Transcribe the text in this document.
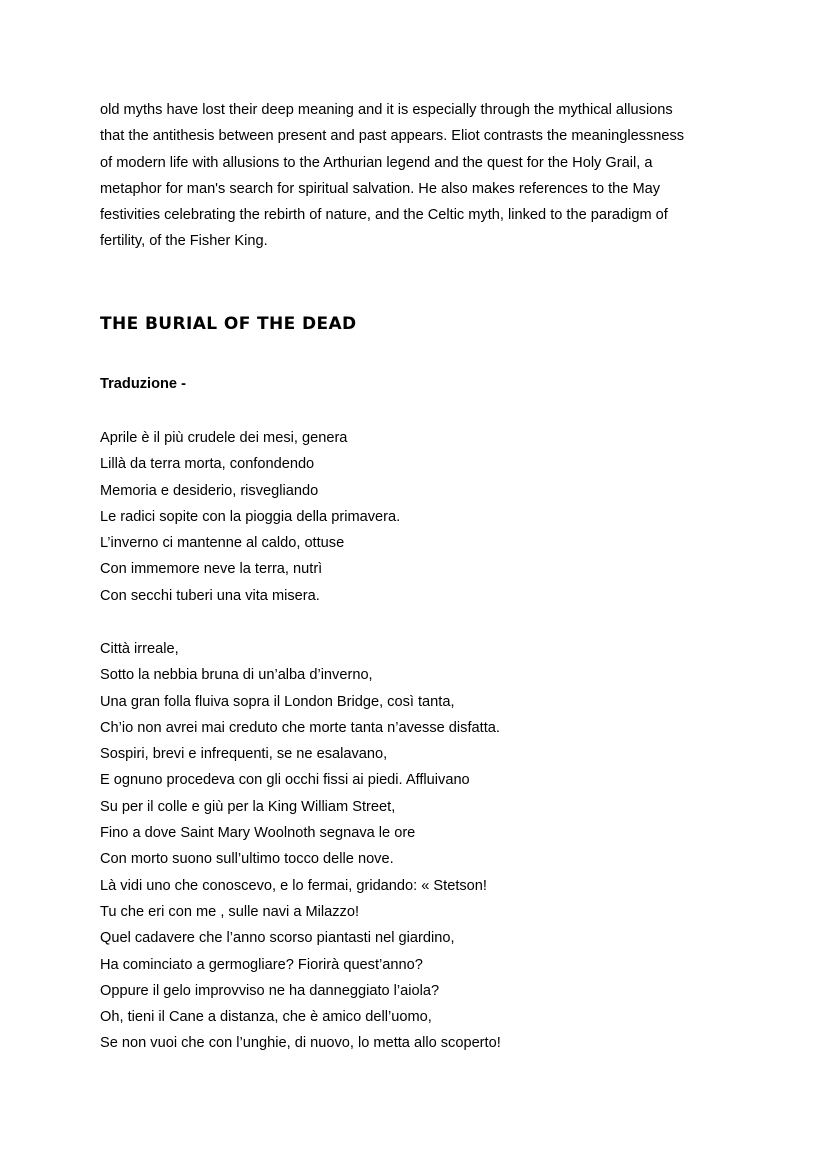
old myths have lost their deep meaning and it is especially through the mythical allusions
that the antithesis between present and past appears. Eliot contrasts the meaninglessness
of modern life with allusions to the Arthurian legend and the quest for the Holy Grail, a
metaphor for man's search for spiritual salvation. He also makes references to the May
festivities celebrating the rebirth of nature, and the Celtic myth, linked to the paradigm of
fertility, of the Fisher King.

THE BURIAL OF THE DEAD
Traduzione -
Aprile è il più crudele dei mesi, genera
Lillà da terra morta, confondendo
Memoria e desiderio, risvegliando
Le radici sopite con la pioggia della primavera.
L’inverno ci mantenne al caldo, ottuse
Con immemore neve la terra, nutrì
Con secchi tuberi una vita misera.
Città irreale,
Sotto la nebbia bruna di un’alba d’inverno,
Una gran folla fluiva sopra il London Bridge, così tanta,
Ch’io non avrei mai creduto che morte tanta n’avesse disfatta.
Sospiri, brevi e infrequenti, se ne esalavano,
E ognuno procedeva con gli occhi fissi ai piedi. Affluivano
Su per il colle e giù per la King William Street,
Fino a dove Saint Mary Woolnoth segnava le ore
Con morto suono sull’ultimo tocco delle nove.
Là vidi uno che conoscevo, e lo fermai, gridando: « Stetson!
Tu che eri con me , sulle navi a Milazzo!
Quel cadavere che l’anno scorso piantasti nel giardino,
Ha cominciato a germogliare? Fiorirà quest’anno?
Oppure il gelo improvviso ne ha danneggiato l’aiola?
Oh, tieni il Cane a distanza, che è amico dell’uomo,
Se non vuoi che con l’unghie, di nuovo, lo metta allo scoperto!
